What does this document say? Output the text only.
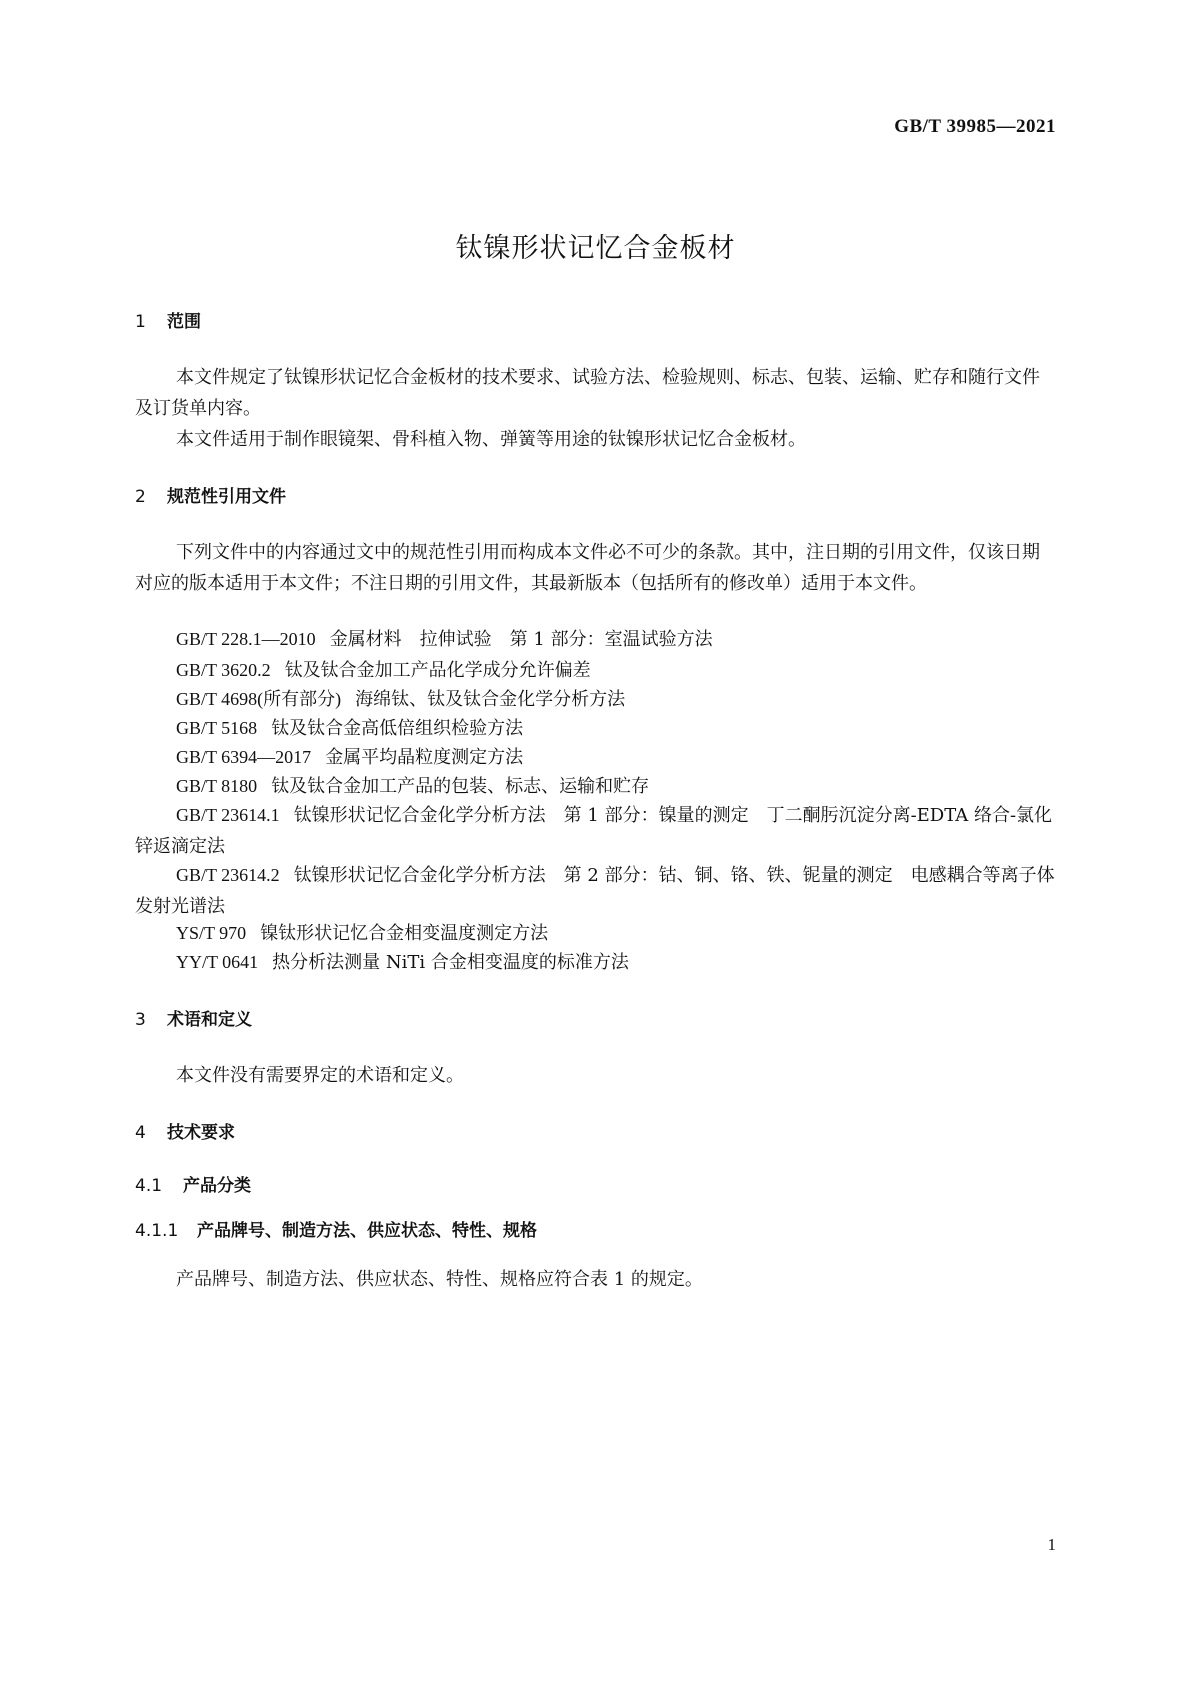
GB/T 39985—2021
钛镍形状记忆合金板材
1 范围
本文件规定了钛镍形状记忆合金板材的技术要求、试验方法、检验规则、标志、包装、运输、贮存和随行文件及订货单内容。
本文件适用于制作眼镜架、骨科植入物、弹簧等用途的钛镍形状记忆合金板材。
2 规范性引用文件
下列文件中的内容通过文中的规范性引用而构成本文件必不可少的条款。其中，注日期的引用文件，仅该日期对应的版本适用于本文件；不注日期的引用文件，其最新版本（包括所有的修改单）适用于本文件。
GB/T 228.1—2010 金属材料　拉伸试验　第 1 部分：室温试验方法
GB/T 3620.2 钛及钛合金加工产品化学成分允许偏差
GB/T 4698(所有部分) 海绵钛、钛及钛合金化学分析方法
GB/T 5168 钛及钛合金高低倍组织检验方法
GB/T 6394—2017 金属平均晶粒度测定方法
GB/T 8180 钛及钛合金加工产品的包装、标志、运输和贮存
GB/T 23614.1 钛镍形状记忆合金化学分析方法　第 1 部分：镍量的测定　丁二酮肟沉淀分离-EDTA 络合-氯化锌返滴定法
GB/T 23614.2 钛镍形状记忆合金化学分析方法　第 2 部分：钴、铜、铬、铁、铌量的测定　电感耦合等离子体发射光谱法
YS/T 970 镍钛形状记忆合金相变温度测定方法
YY/T 0641 热分析法测量 NiTi 合金相变温度的标准方法
3 术语和定义
本文件没有需要界定的术语和定义。
4 技术要求
4.1 产品分类
4.1.1 产品牌号、制造方法、供应状态、特性、规格
产品牌号、制造方法、供应状态、特性、规格应符合表 1 的规定。
1
